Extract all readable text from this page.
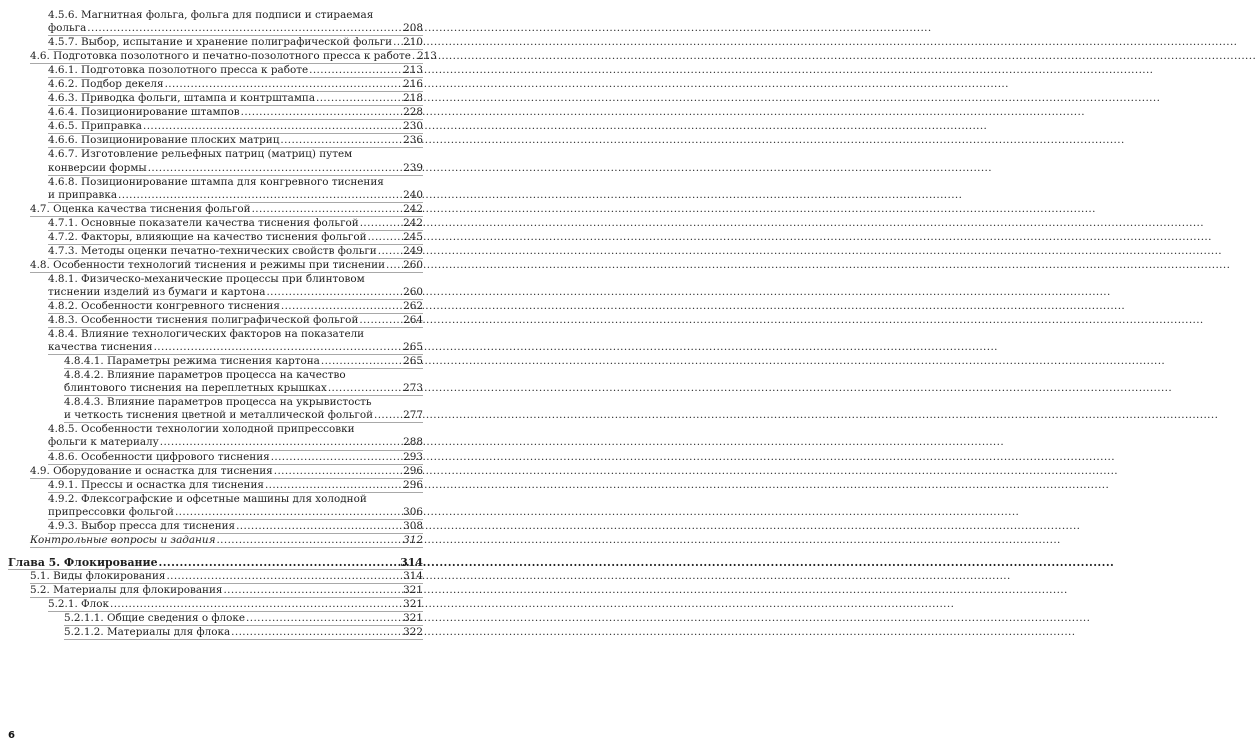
4.5.6. Магнитная фольга, фольга для подписи и стираемая
фольга .....	208
4.5.7. Выбор, испытание и хранение полиграфической фольги ..... 210
4.6. Подготовка позолотного и печатно-позолотного пресса к работе ..... 213
4.6.1. Подготовка позолотного пресса к работе .....	213
4.6.2. Подбор декеля .....	216
4.6.3. Приводка фольги, штампа и контрштампа .....	218
4.6.4. Позиционирование штампов .....	228
4.6.5. Приправка .....	230
4.6.6. Позиционирование плоских матриц .....	236
4.6.7. Изготовление рельефных патриц (матриц) путем
конверсии формы .....	239
4.6.8. Позиционирование штампа для конгревного тиснения
и приправка .....	240
4.7. Оценка качества тиснения фольгой .....	242
4.7.1. Основные показатели качества тиснения фольгой .....	242
4.7.2. Факторы, влияющие на качество тиснения фольгой .....	245
4.7.3. Методы оценки печатно-технических свойств фольги .....	249
4.8. Особенности технологий тиснения и режимы при тиснении ..... 260
4.8.1. Физическо-механические процессы при блинтовом
тиснении изделий из бумаги и картона .....	260
4.8.2. Особенности конгревного тиснения .....	262
4.8.3. Особенности тиснения полиграфической фольгой .....	264
4.8.4. Влияние технологических факторов на показатели
качества тиснения .....	265
4.8.4.1. Параметры режима тиснения картона .....	265
4.8.4.2. Влияние параметров процесса на качество
блинтового тиснения на переплетных крышках .....	273
4.8.4.3. Влияние параметров процесса на укрывистость
и четкость тиснения цветной и металлической фольгой .....	277
4.8.5. Особенности технологии холодной припрессовки
фольги к материалу .....	288
4.8.6. Особенности цифрового тиснения .....	293
4.9. Оборудование и оснастка для тиснения .....	296
4.9.1. Прессы и оснастка для тиснения .....	296
4.9.2. Флексографские и офсетные машины для холодной
припрессовки фольгой .....	306
4.9.3. Выбор пресса для тиснения .....	308
Контрольные вопросы и задания .....	312
Глава 5. Флокирование .....	314
5.1. Виды флокирования .....	314
5.2. Материалы для флокирования .....	321
5.2.1. Флок .....	321
5.2.1.1. Общие сведения о флоке .....	321
5.2.1.2. Материалы для флока .....	322
6
